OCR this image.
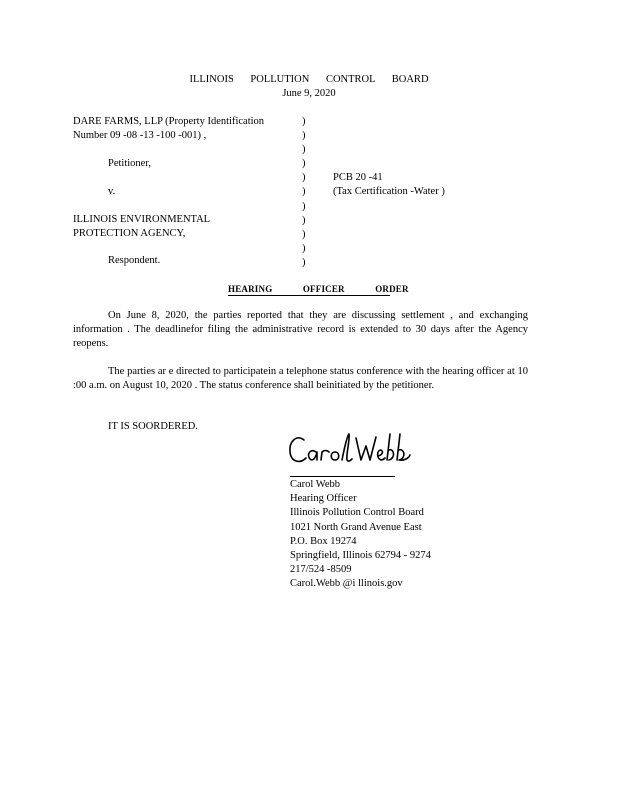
ILLINOIS POLLUTION CONTROL BOARD
June 9, 2020
DARE FARMS, LLP (Property Identification
Number 09 -08 -13 -100 -001) ,
Petitioner,
v.
ILLINOIS ENVIRONMENTAL
PROTECTION AGENCY,
Respondent.
)
)
)
)
)
)
)
)
)
)
)
PCB 20 -41
(Tax Certification -Water )
HEARING OFFICER ORDER
On June 8, 2020, the parties reported that they are discussing settlement , and exchanging information . The deadlinefor filing the administrative record is extended to 30 days after the Agency reopens.
The parties ar e directed to participatein a telephone status conference with the hearing officer at 10 :00 a.m. on August 10, 2020 . The status conference shall beinitiated by the petitioner.
IT IS SOORDERED.
Carol Webb
Hearing Officer
Illinois Pollution Control Board
1021 North Grand Avenue East
P.O. Box 19274
Springfield, Illinois 62794 - 9274
217/524 -8509
Carol.Webb @i llinois.gov
